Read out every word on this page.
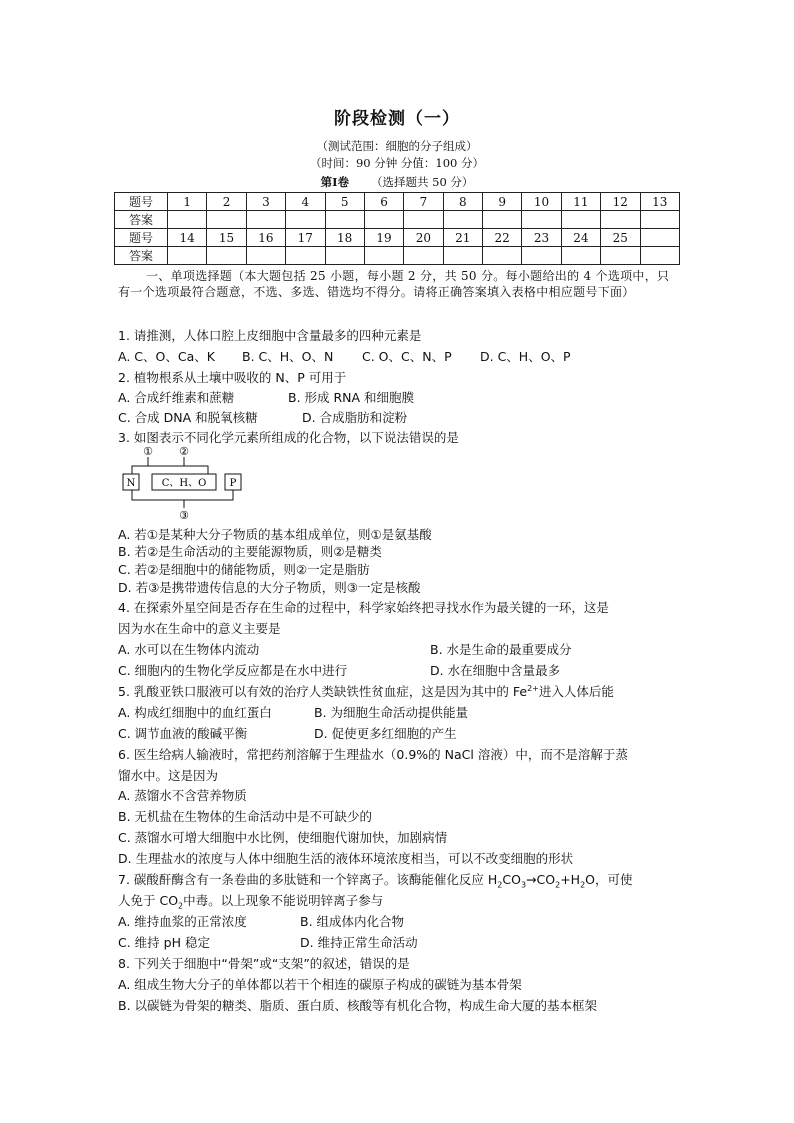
阶段检测（一）
（测试范围：细胞的分子组成）
（时间：90 分钟 分值：100 分）
第Ⅰ卷 （选择题共 50 分）
题号	1	2	3	4	5	6	7	8	9	10	11	12	13
答案													
题号	14	15	16	17	18	19	20	21	22	23	24	25	
答案													
一、单项选择题（本大题包括 25 小题，每小题 2 分，共 50 分。每小题给出的 4 个选项中，只有一个选项最符合题意，不选、多选、错选均不得分。请将正确答案填入表格中相应题号下面）
1. 请推测，人体口腔上皮细胞中含量最多的四种元素是
A. C、O、Ca、K B. C、H、O、N C. O、C、N、P D. C、H、O、P
2. 植物根系从土壤中吸收的 N、P 可用于
A. 合成纤维素和蔗糖	B. 形成 RNA 和细胞膜
C. 合成 DNA 和脱氧核糖	D. 合成脂肪和淀粉
3. 如图表示不同化学元素所组成的化合物，以下说法错误的是
① ②
N	C、H、O P
③
A. 若①是某种大分子物质的基本组成单位，则①是氨基酸
B. 若②是生命活动的主要能源物质，则②是糖类
C. 若②是细胞中的储能物质，则②一定是脂肪
D. 若③是携带遗传信息的大分子物质，则③一定是核酸
4. 在探索外星空间是否存在生命的过程中，科学家始终把寻找水作为最关键的一环，这是
因为水在生命中的意义主要是
A. 水可以在生物体内流动	B. 水是生命的最重要成分
C. 细胞内的生物化学反应都是在水中进行	D. 水在细胞中含量最多
5. 乳酸亚铁口服液可以有效的治疗人类缺铁性贫血症，这是因为其中的 $Fe^{2+}$进入人体后能
A. 构成红细胞中的血红蛋白	B. 为细胞生命活动提供能量
C. 调节血液的酸碱平衡	D. 促使更多红细胞的产生
6. 医生给病人输液时，常把药剂溶解于生理盐水（0.9%的 NaCl 溶液）中，而不是溶解于蒸
馏水中。这是因为
A. 蒸馏水不含营养物质
B. 无机盐在生物体的生命活动中是不可缺少的
C. 蒸馏水可增大细胞中水比例，使细胞代谢加快，加剧病情
D. 生理盐水的浓度与人体中细胞生活的液体环境浓度相当，可以不改变细胞的形状
7. 碳酸酐酶含有一条卷曲的多肽链和一个锌离子。该酶能催化反应 $H_2CO_3\to CO_2+H_2O$，可使
人免于 $CO_2$中毒。以上现象不能说明锌离子参与
A. 维持血浆的正常浓度	B. 组成体内化合物
C. 维持 pH 稳定	D. 维持正常生命活动
8. 下列关于细胞中“骨架”或“支架”的叙述，错误的是
A. 组成生物大分子的单体都以若干个相连的碳原子构成的碳链为基本骨架
B. 以碳链为骨架的糖类、脂质、蛋白质、核酸等有机化合物，构成生命大厦的基本框架
